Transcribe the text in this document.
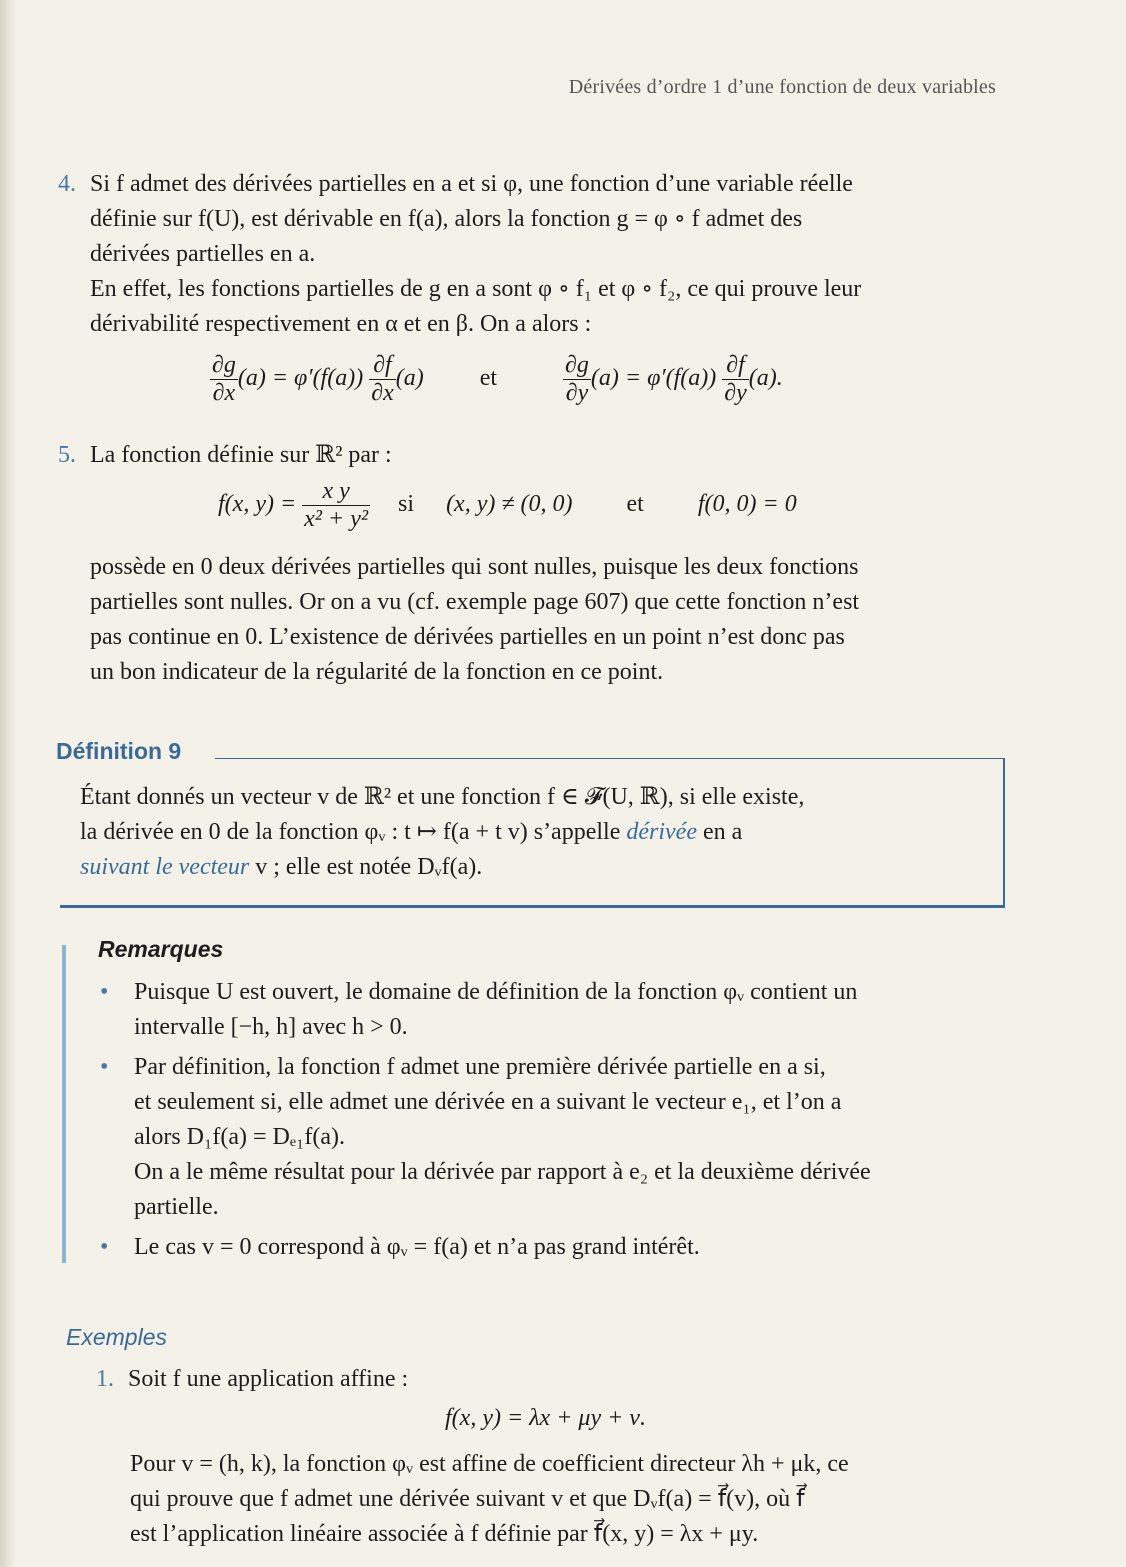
Dérivées d’ordre 1 d’une fonction de deux variables
4. Si f admet des dérivées partielles en a et si φ, une fonction d’une variable réelle
définie sur f(U), est dérivable en f(a), alors la fonction g = φ ∘ f admet des
dérivées partielles en a.
En effet, les fonctions partielles de g en a sont φ ∘ f₁ et φ ∘ f₂, ce qui prouve leur
dérivabilité respectivement en α et en β. On a alors :
$\frac{\partial g}{\partial x} (a) = \varphi'(f(a)) \frac{\partial f}{\partial x} (a)$ et	$\frac{\partial g}{\partial y} (a) = \varphi'(f(a)) \frac{\partial f}{\partial y} (a)$.
5. La fonction définie sur ℝ² par :
f(x, $y) = \frac{\text{x y}}{\text{x² + y²}}$ si (x, y) ≠ (0, 0) et f(0, 0) = 0
possède en 0 deux dérivées partielles qui sont nulles, puisque les deux fonctions
partielles sont nulles. Or on a vu (cf. exemple page 607) que cette fonction n’est
pas continue en 0. L’existence de dérivées partielles en un point n’est donc pas
un bon indicateur de la régularité de la fonction en ce point.
Définition 9
Étant donnés un vecteur v de ℝ² et une fonction f ∈ 𝓕(U, ℝ), si elle existe,
la dérivée en 0 de la fonction φᵥ : t ↦ f(a + t v) s’appelle dérivée en a
suivant le vecteur v ; elle est notée Dᵥf(a).
Remarques
• Puisque U est ouvert, le domaine de définition de la fonction φᵥ contient un
intervalle [−h, h] avec h > 0.
• Par définition, la fonction f admet une première dérivée partielle en a si,
et seulement si, elle admet une dérivée en a suivant le vecteur e₁, et l’on a
alors D₁f(a) = Dₑ₁f(a).
On a le même résultat pour la dérivée par rapport à e₂ et la deuxième dérivée
partielle.
• Le cas v = 0 correspond à φᵥ = f(a) et n’a pas grand intérêt.
Exemples
1. Soit f une application affine :
f(x, y) = λx + μy + ν.
Pour v = (h, k), la fonction φᵥ est affine de coefficient directeur λh + μk, ce
qui prouve que f admet une dérivée suivant v et que Dᵥf(a) = f⃗(v), où f⃗
est l’application linéaire associée à f définie par f⃗(x, y) = λx + μy.
